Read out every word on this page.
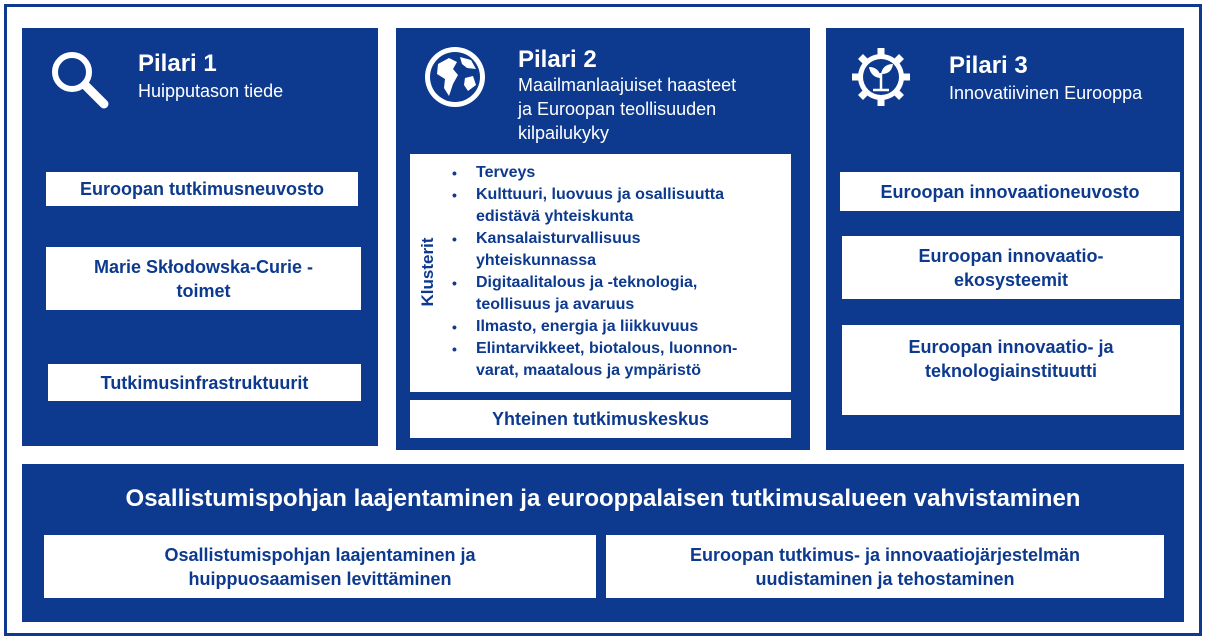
Pilari 1
Huipputason tiede
Euroopan tutkimusneuvosto
Marie Skłodowska-Curie -toimet
Tutkimusinfrastruktuurit
Pilari 2
Maailmanlaajuiset haasteet
ja Euroopan teollisuuden
kilpailukyky
Klusterit
• Terveys
• Kulttuuri, luovuus ja osallisuutta
edistävä yhteiskunta
• Kansalaisturvallisuus
yhteiskunnassa
• Digitaalitalous ja -teknologia,
teollisuus ja avaruus
• Ilmasto, energia ja liikkuvuus
• Elintarvikkeet, biotalous, luonnon-
varat, maatalous ja ympäristö
Yhteinen tutkimuskeskus
Pilari 3
Innovatiivinen Eurooppa
Euroopan innovaationeuvosto
Euroopan innovaatio-ekosysteemit
Euroopan innovaatio- ja teknologiainstituutti
Osallistumispohjan laajentaminen ja eurooppalaisen tutkimusalueen vahvistaminen
Osallistumispohjan laajentaminen ja
huippuosaamisen levittäminen
Euroopan tutkimus- ja innovaatiojärjestelmän
uudistaminen ja tehostaminen
